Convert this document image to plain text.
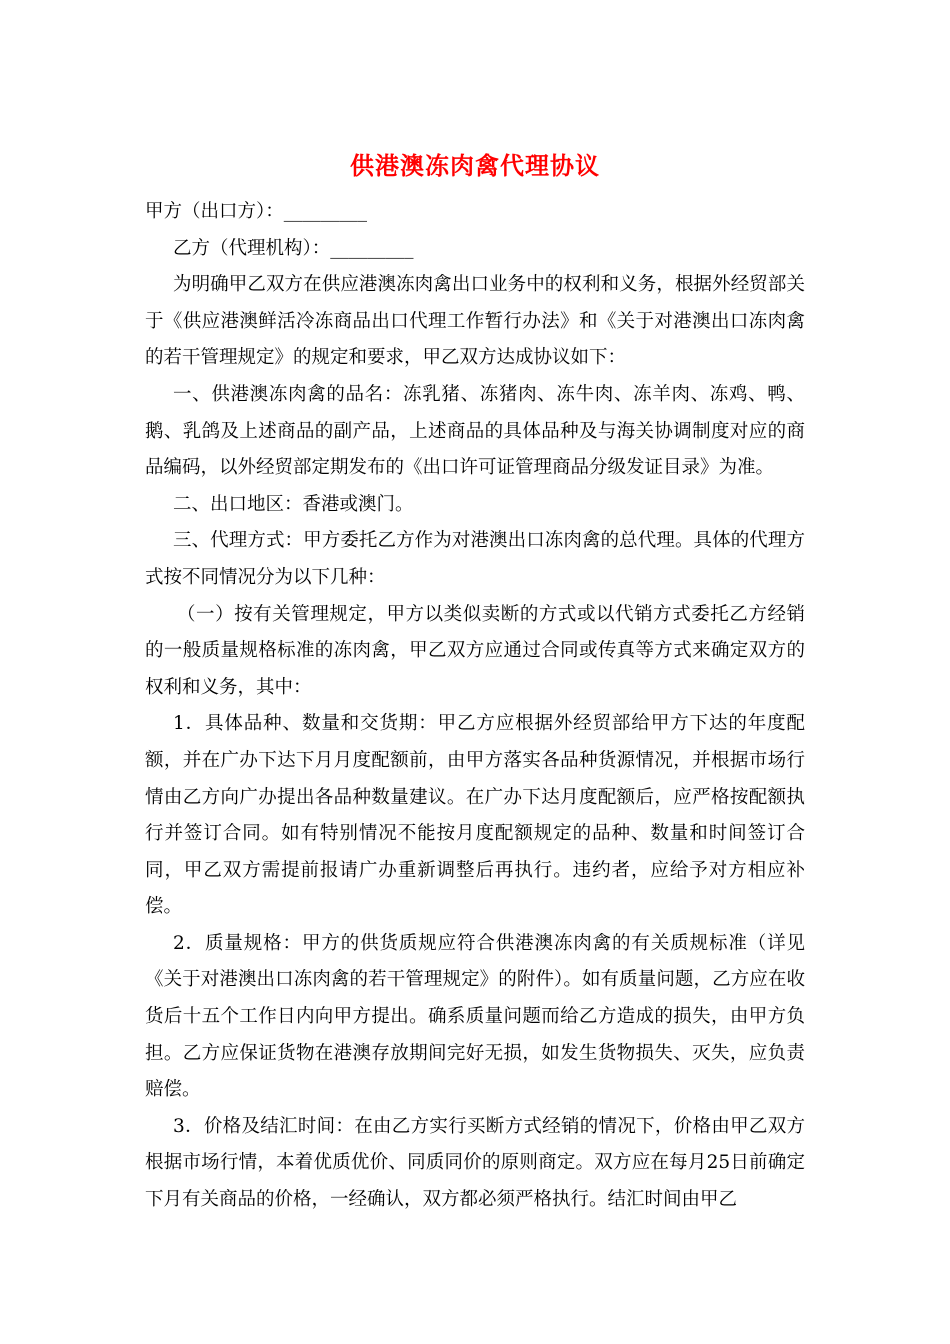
供港澳冻肉禽代理协议

甲方（出口方）：_________

乙方（代理机构）：_________

为明确甲乙双方在供应港澳冻肉禽出口业务中的权利和义务，根据外经贸部关于《供应港澳鲜活冷冻商品出口代理工作暂行办法》和《关于对港澳出口冻肉禽的若干管理规定》的规定和要求，甲乙双方达成协议如下：

一、供港澳冻肉禽的品名：冻乳猪、冻猪肉、冻牛肉、冻羊肉、冻鸡、鸭、鹅、乳鸽及上述商品的副产品，上述商品的具体品种及与海关协调制度对应的商品编码，以外经贸部定期发布的《出口许可证管理商品分级发证目录》为准。

二、出口地区：香港或澳门。

三、代理方式：甲方委托乙方作为对港澳出口冻肉禽的总代理。具体的代理方式按不同情况分为以下几种：

（一）按有关管理规定，甲方以类似卖断的方式或以代销方式委托乙方经销的一般质量规格标准的冻肉禽，甲乙双方应通过合同或传真等方式来确定双方的权利和义务，其中：

1．具体品种、数量和交货期：甲乙方应根据外经贸部给甲方下达的年度配额，并在广办下达下月月度配额前，由甲方落实各品种货源情况，并根据市场行情由乙方向广办提出各品种数量建议。在广办下达月度配额后，应严格按配额执行并签订合同。如有特别情况不能按月度配额规定的品种、数量和时间签订合同，甲乙双方需提前报请广办重新调整后再执行。违约者，应给予对方相应补偿。

2．质量规格：甲方的供货质规应符合供港澳冻肉禽的有关质规标准（详见《关于对港澳出口冻肉禽的若干管理规定》的附件）。如有质量问题，乙方应在收货后十五个工作日内向甲方提出。确系质量问题而给乙方造成的损失，由甲方负担。乙方应保证货物在港澳存放期间完好无损，如发生货物损失、灭失，应负责赔偿。

3．价格及结汇时间：在由乙方实行买断方式经销的情况下，价格由甲乙双方根据市场行情，本着优质优价、同质同价的原则商定。双方应在每月25日前确定下月有关商品的价格，一经确认，双方都必须严格执行。结汇时间由甲乙
